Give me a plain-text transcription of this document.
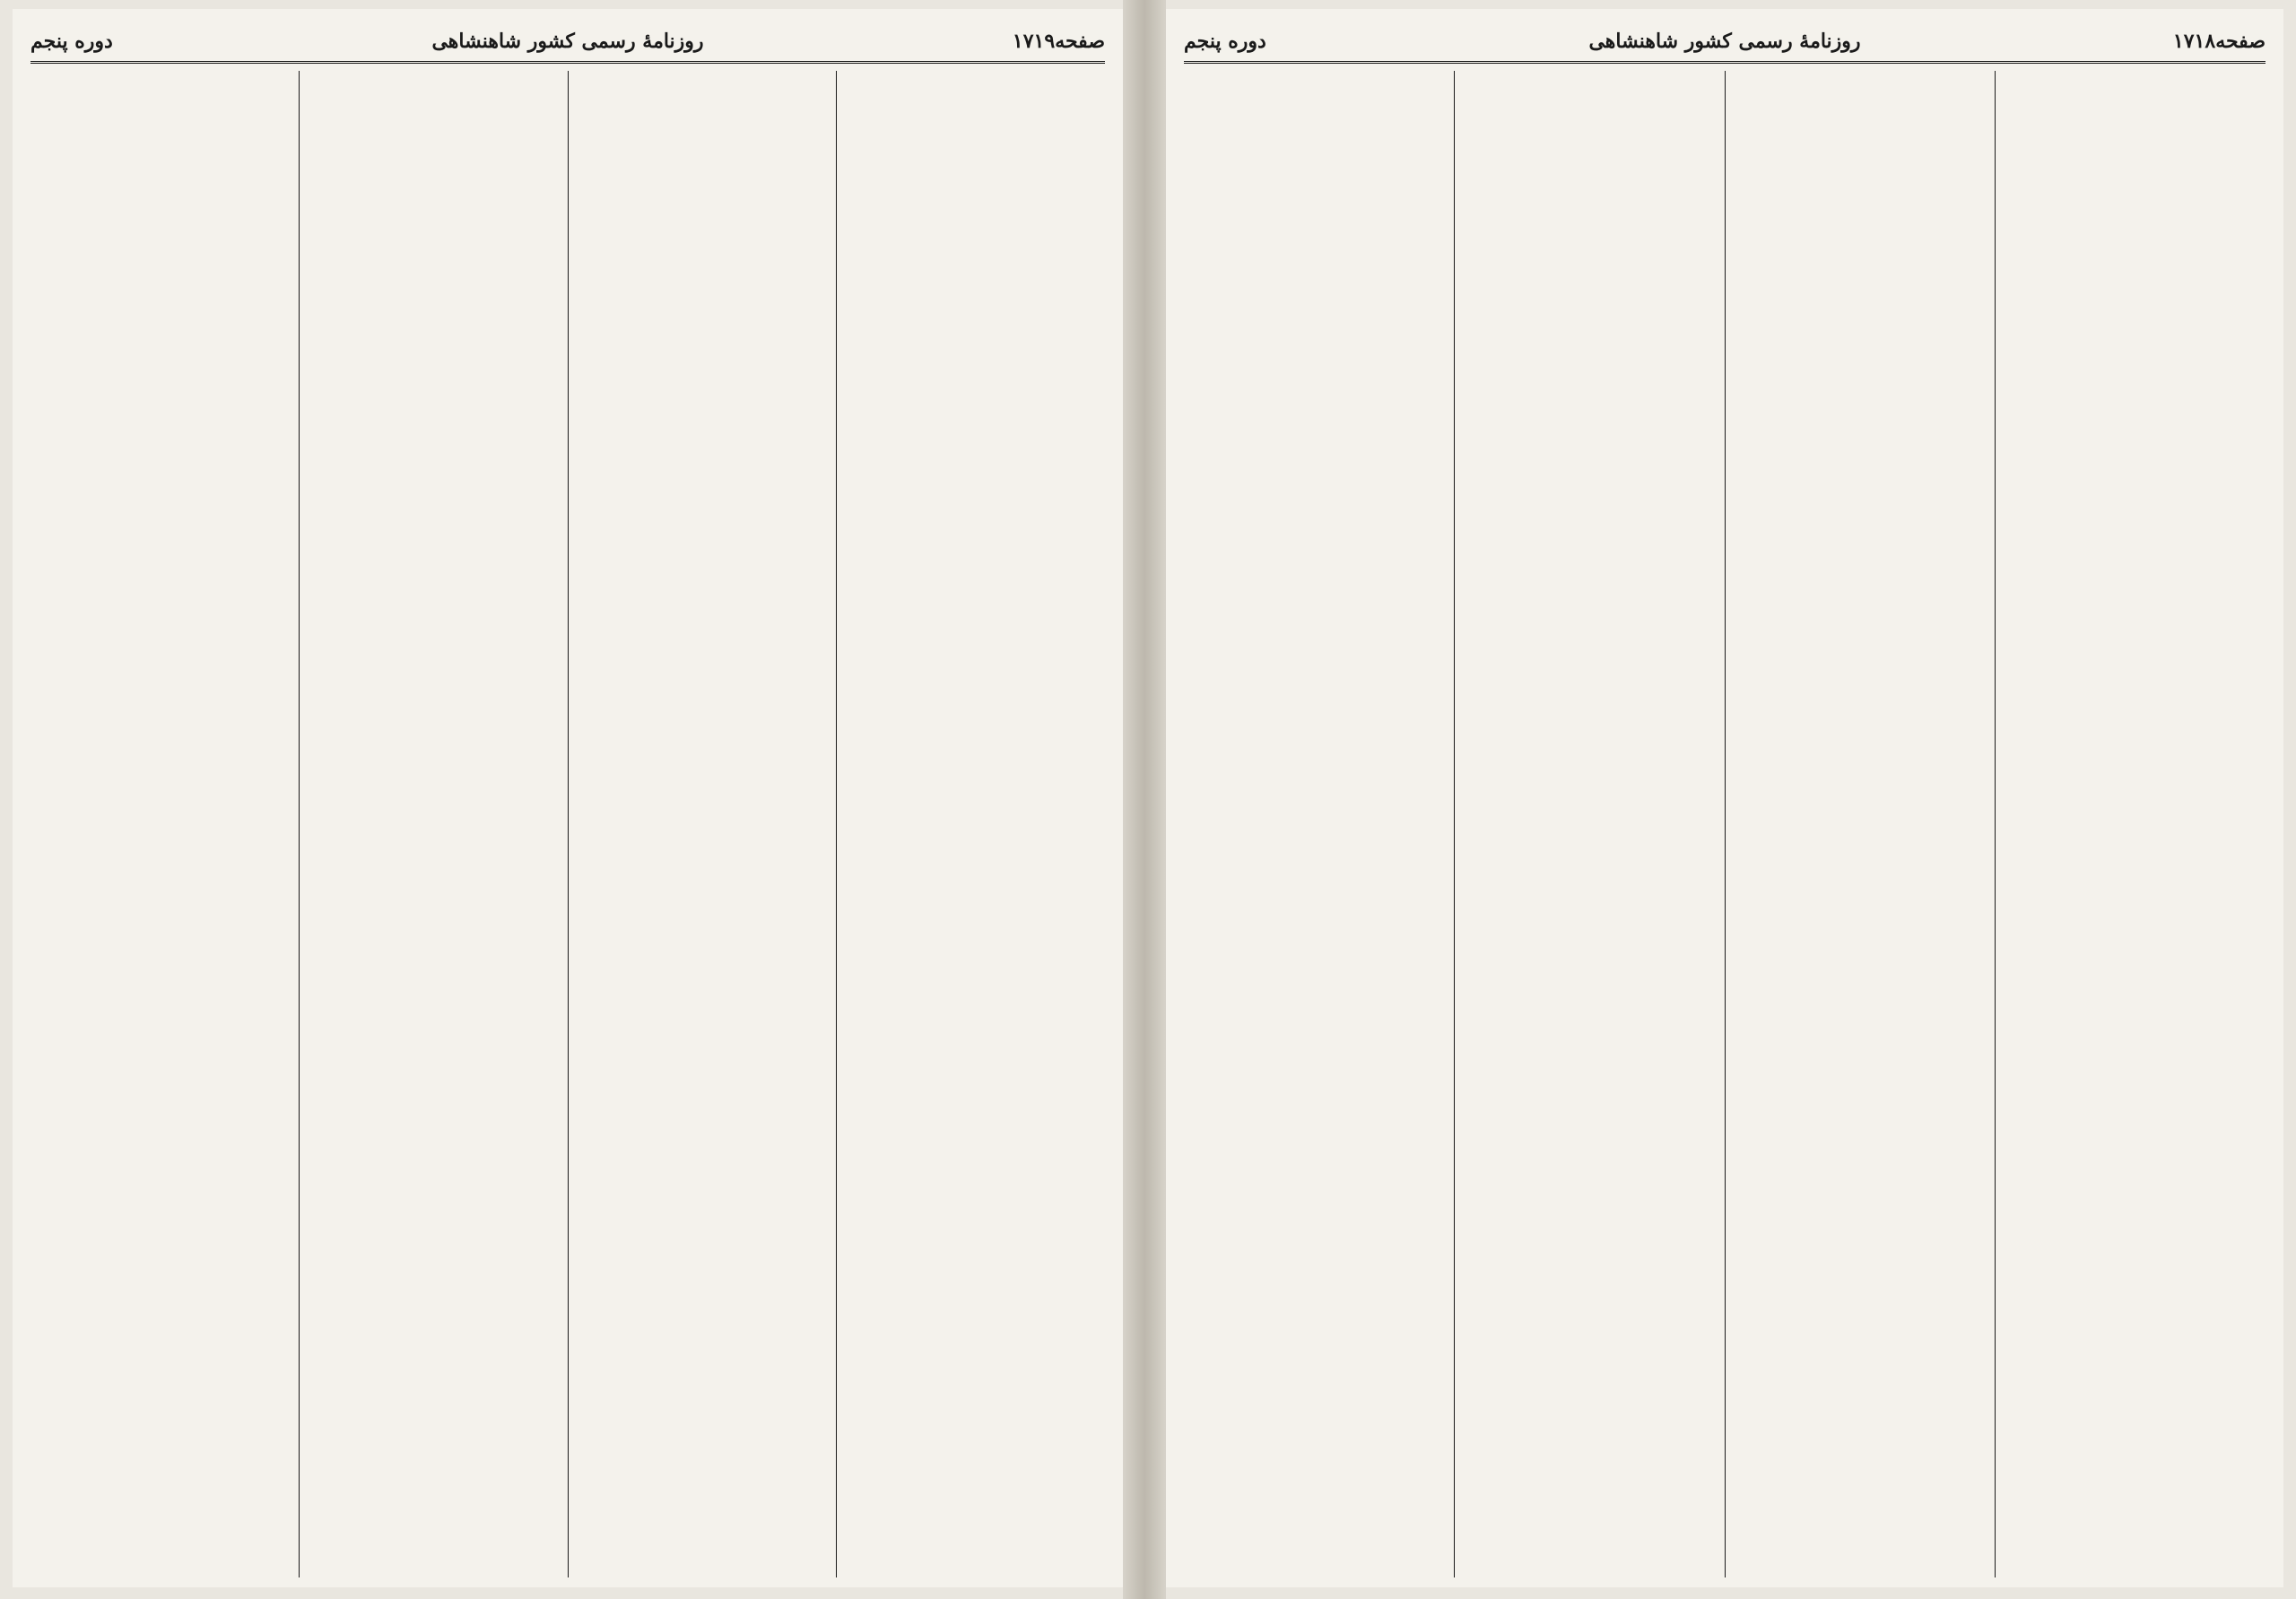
صفحه۱۷۱۹
روزنامهٔ رسمی کشور شاهنشاهی
دوره پنجم	صفحه۱۷۱۸
روزنامهٔ رسمی کشور شاهنشاهی
دوره پنجم
